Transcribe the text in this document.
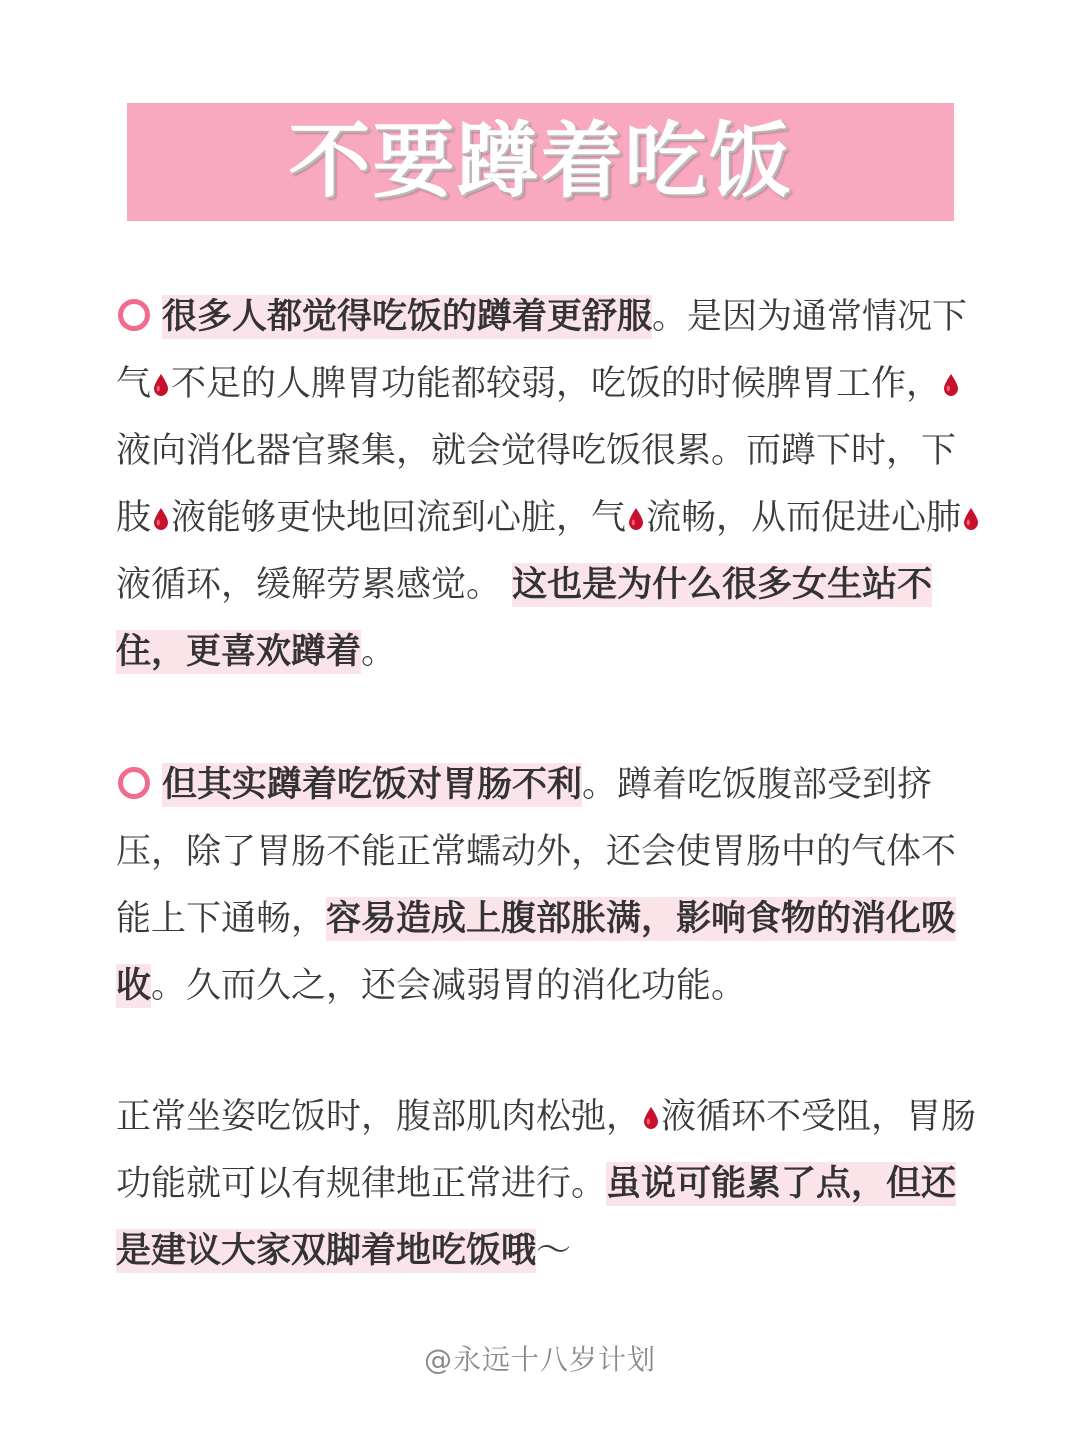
不要蹲着吃饭
很多人都觉得吃饭的蹲着更舒服。是因为通常情况下气 不足的人脾胃功能都较弱，吃饭的时候脾胃工作，
液向消化器官聚集，就会觉得吃饭很累。而蹲下时，下肢 液能够更快地回流到心脏，气 流畅，从而促进心肺
液循环，缓解劳累感觉。 这也是为什么很多女生站不住，更喜欢蹲着。
但其实蹲着吃饭对胃肠不利。蹲着吃饭腹部受到挤压，除了胃肠不能正常蠕动外，还会使胃肠中的气体不能上下通畅，容易造成上腹部胀满，影响食物的消化吸收。久而久之，还会减弱胃的消化功能。
正常坐姿吃饭时，腹部肌肉松弛， 液循环不受阻，胃肠功能就可以有规律地正常进行。虽说可能累了点，但还是建议大家双脚着地吃饭哦～
@永远十八岁计划
